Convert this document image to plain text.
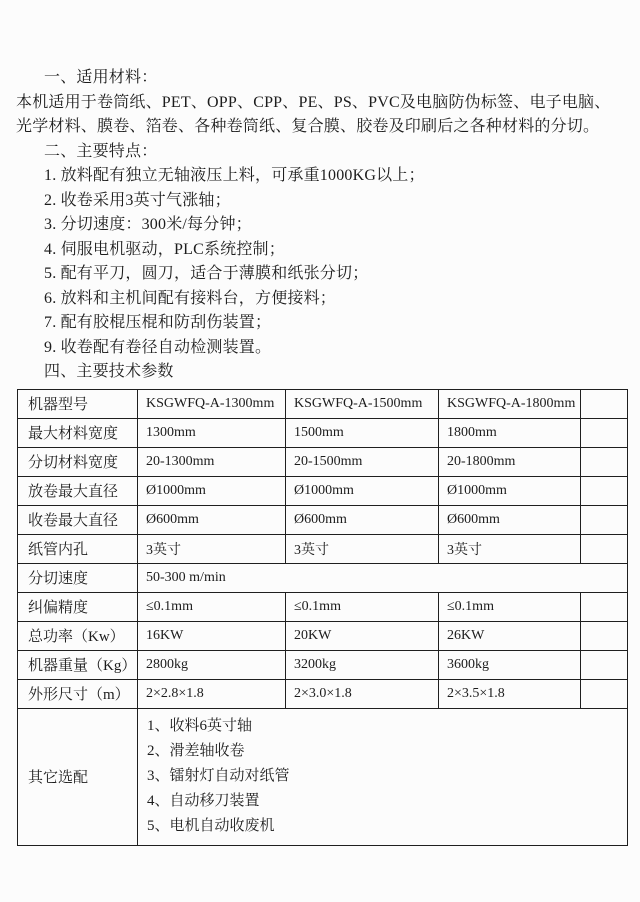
一、适用材料：

本机适用于卷筒纸、PET、OPP、CPP、PE、PS、PVC及电脑防伪标签、电子电脑、

光学材料、膜卷、箔卷、各种卷筒纸、复合膜、胶卷及印刷后之各种材料的分切。

二、主要特点：

1. 放料配有独立无轴液压上料，可承重1000KG以上；

2. 收卷采用3英寸气涨轴；

3. 分切速度：300米/每分钟；

4. 伺服电机驱动，PLC系统控制；

5. 配有平刀，圆刀，适合于薄膜和纸张分切；

6. 放料和主机间配有接料台，方便接料；

7. 配有胶棍压棍和防刮伤装置；

9. 收卷配有卷径自动检测装置。

四、主要技术参数

机器型号	KSGWFQ-A-1300mm	KSGWFQ-A-1500mm	KSGWFQ-A-1800mm	
最大材料宽度	1300mm	1500mm	1800mm	
分切材料宽度	20-1300mm	20-1500mm	20-1800mm	
放卷最大直径	Ø1000mm	Ø1000mm	Ø1000mm	
收卷最大直径	Ø600mm	Ø600mm	Ø600mm	
纸管内孔	3英寸	3英寸	3英寸	
分切速度	50-300 m/min			
纠偏精度	≤0.1mm	≤0.1mm	≤0.1mm	
总功率（Kw）	16KW	20KW	26KW	
机器重量（Kg）	2800kg	3200kg	3600kg	
外形尺寸（m）	2×2.8×1.8	2×3.0×1.8	2×3.5×1.8	
其它选配	1、收料6英寸轴
2、滑差轴收卷
3、镭射灯自动对纸管
4、自动移刀装置
5、电机自动收废机			
